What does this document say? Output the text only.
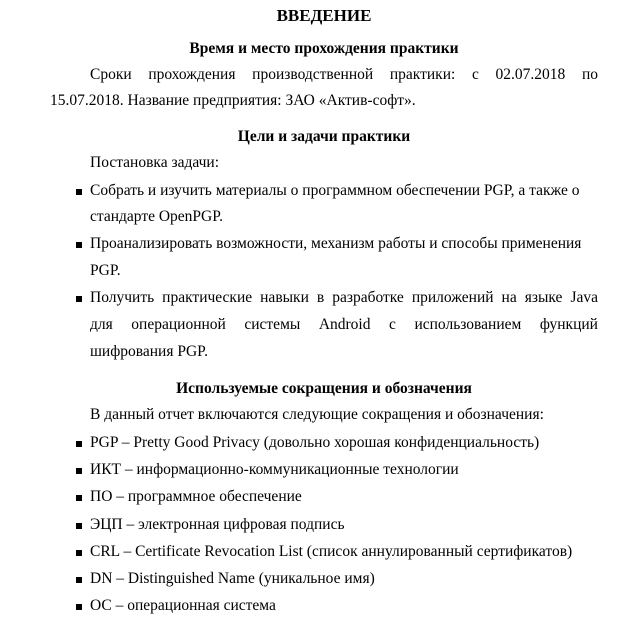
ВВЕДЕНИЕ
Время и место прохождения практики
Сроки прохождения производственной практики: с 02.07.2018 по
15.07.2018. Название предприятия: ЗАО «Актив-софт».
Цели и задачи практики
Постановка задачи:
Собрать и изучить материалы о программном обеспечении PGP, а также о
стандарте OpenPGP.
Проанализировать возможности, механизм работы и способы применения
PGP.
Получить практические навыки в разработке приложений на языке Java
для операционной системы Android с использованием функций
шифрования PGP.
Используемые сокращения и обозначения
В данный отчет включаются следующие сокращения и обозначения:
PGP – Pretty Good Privacy (довольно хорошая конфиденциальность)
ИКТ – информационно-коммуникационные технологии
ПО – программное обеспечение
ЭЦП – электронная цифровая подпись
CRL – Certificate Revocation List (список аннулированный сертификатов)
DN – Distinguished Name (уникальное имя)
ОС – операционная система
